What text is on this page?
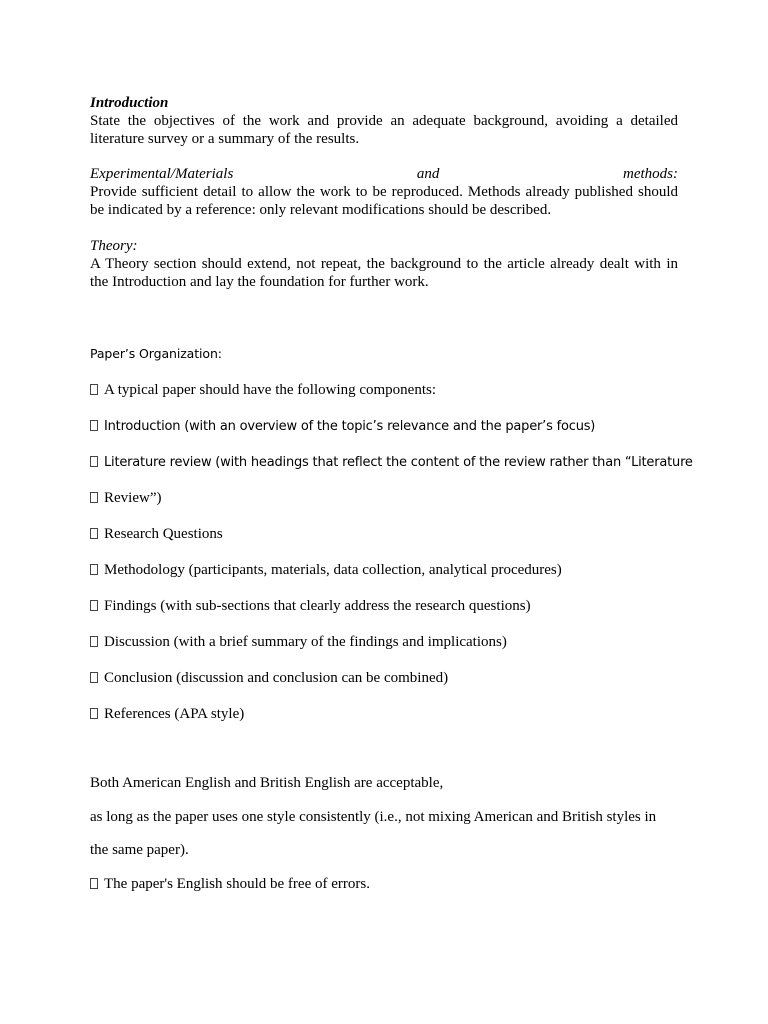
Introduction
State the objectives of the work and provide an adequate background, avoiding a detailed
literature survey or a summary of the results.
Experimental/Materials	and	methods:
Provide sufficient detail to allow the work to be reproduced. Methods already published should
be indicated by a reference: only relevant modifications should be described.
Theory:
A Theory section should extend, not repeat, the background to the article already dealt with in
the Introduction and lay the foundation for further work.
Paper’s Organization:
A typical paper should have the following components:
Introduction (with an overview of the topic’s relevance and the paper’s focus)
Literature review (with headings that reflect the content of the review rather than “Literature
Review”)
Research Questions
Methodology (participants, materials, data collection, analytical procedures)
Findings (with sub-sections that clearly address the research questions)
Discussion (with a brief summary of the findings and implications)
Conclusion (discussion and conclusion can be combined)
References (APA style)
Both American English and British English are acceptable,
as long as the paper uses one style consistently (i.e., not mixing American and British styles in
the same paper).
The paper's English should be free of errors.
